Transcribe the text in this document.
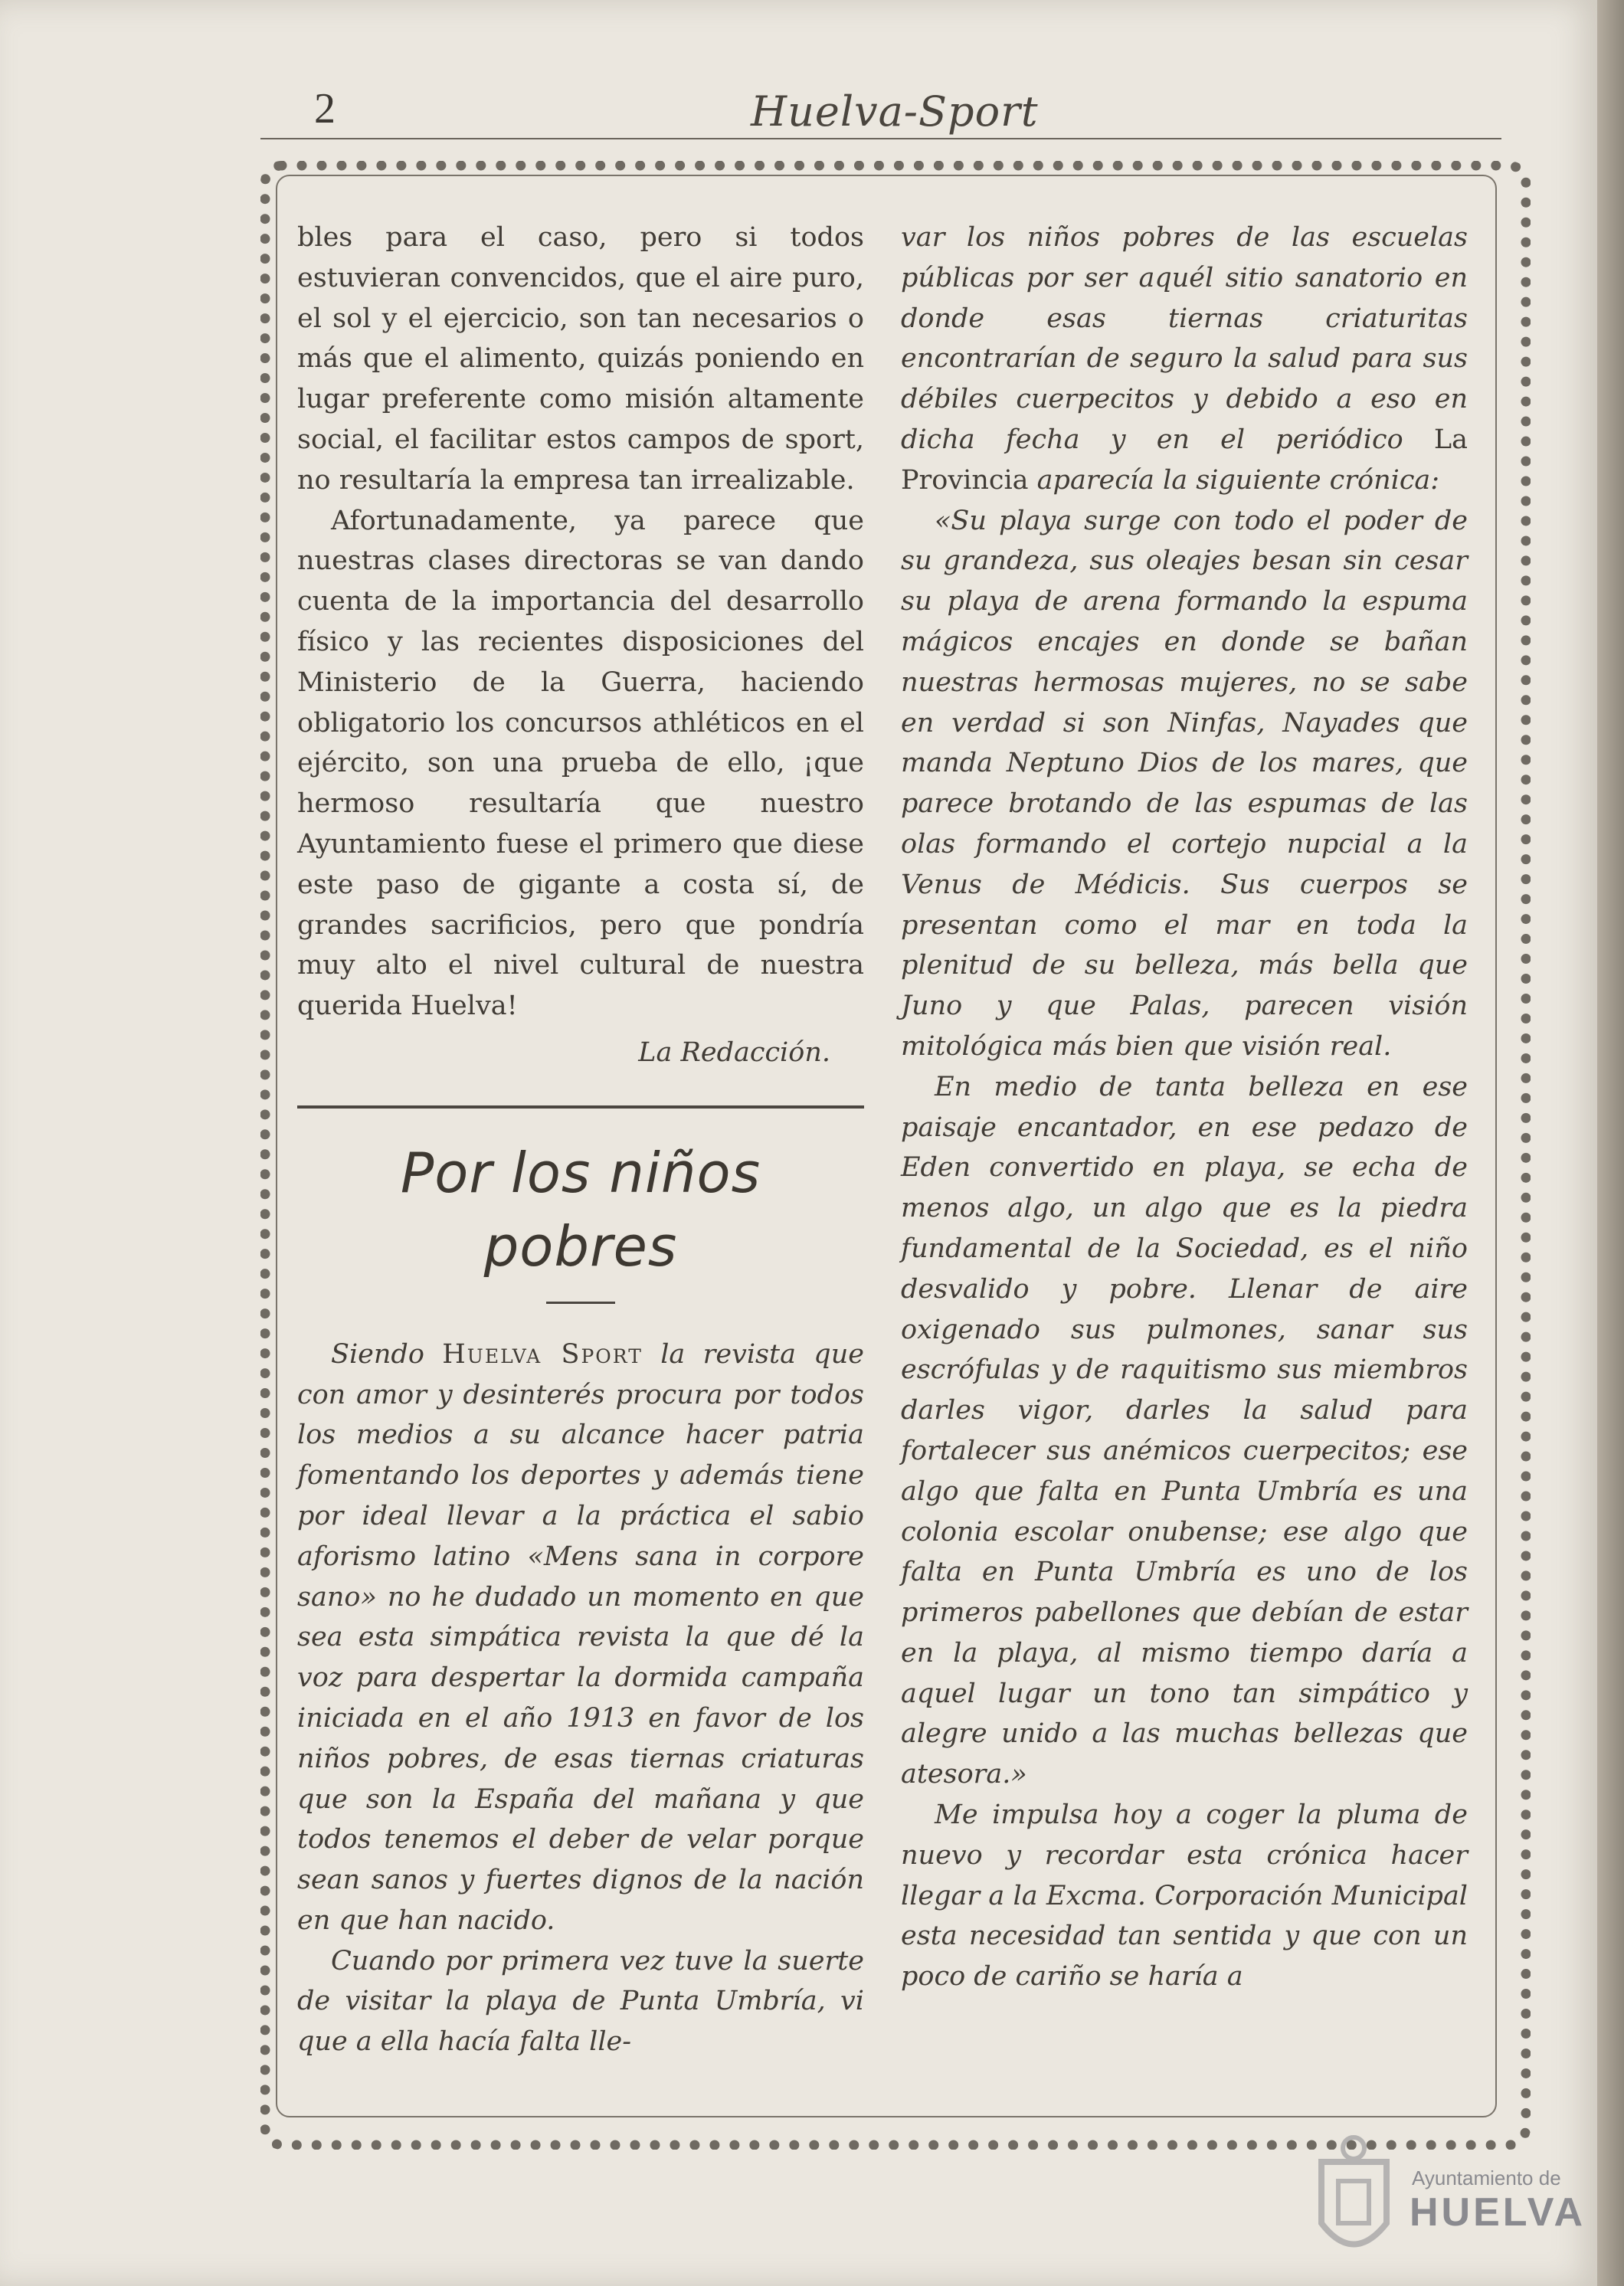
2	Huelva-Sport

bles para el caso, pero si todos estuvieran convencidos, que el aire puro, el sol y el ejercicio, son tan necesarios o más que el alimento, quizás poniendo en lugar preferente como misión altamente social, el facilitar estos campos de sport, no resultaría la empresa tan irrealizable.

Afortunadamente, ya parece que nuestras clases directoras se van dando cuenta de la importancia del desarrollo físico y las recientes disposiciones del Ministerio de la Guerra, haciendo obligatorio los concursos athléticos en el ejército, son una prueba de ello, ¡que hermoso resultaría que nuestro Ayuntamiento fuese el primero que diese este paso de gigante a costa sí, de grandes sacrificios, pero que pondría muy alto el nivel cultural de nuestra querida Huelva!

La Redacción.

Por los niños pobres

Siendo Huelva Sport la revista que con amor y desinterés procura por todos los medios a su alcance hacer patria fomentando los deportes y además tiene por ideal llevar a la práctica el sabio aforismo latino «Mens sana in corpore sano» no he dudado un momento en que sea esta simpática revista la que dé la voz para despertar la dormida campaña iniciada en el año 1913 en favor de los niños pobres, de esas tiernas criaturas que son la España del mañana y que todos tenemos el deber de velar porque sean sanos y fuertes dignos de la nación en que han nacido.

Cuando por primera vez tuve la suerte de visitar la playa de Punta Umbría, vi que a ella hacía falta lle-

var los niños pobres de las escuelas públicas por ser aquél sitio sanatorio en donde esas tiernas criaturitas encontrarían de seguro la salud para sus débiles cuerpecitos y debido a eso en dicha fecha y en el periódico La Provincia aparecía la siguiente crónica:

«Su playa surge con todo el poder de su grandeza, sus oleajes besan sin cesar su playa de arena formando la espuma mágicos encajes en donde se bañan nuestras hermosas mujeres, no se sabe en verdad si son Ninfas, Nayades que manda Neptuno Dios de los mares, que parece brotando de las espumas de las olas formando el cortejo nupcial a la Venus de Médicis. Sus cuerpos se presentan como el mar en toda la plenitud de su belleza, más bella que Juno y que Palas, parecen visión mitológica más bien que visión real.

En medio de tanta belleza en ese paisaje encantador, en ese pedazo de Eden convertido en playa, se echa de menos algo, un algo que es la piedra fundamental de la Sociedad, es el niño desvalido y pobre. Llenar de aire oxigenado sus pulmones, sanar sus escrófulas y de raquitismo sus miembros darles vigor, darles la salud para fortalecer sus anémicos cuerpecitos; ese algo que falta en Punta Umbría es una colonia escolar onubense; ese algo que falta en Punta Umbría es uno de los primeros pabellones que debían de estar en la playa, al mismo tiempo daría a aquel lugar un tono tan simpático y alegre unido a las muchas bellezas que atesora.»

Me impulsa hoy a coger la pluma de nuevo y recordar esta crónica hacer llegar a la Excma. Corporación Municipal esta necesidad tan sentida y que con un poco de cariño se haría a

Ayuntamiento de
HUELVA
